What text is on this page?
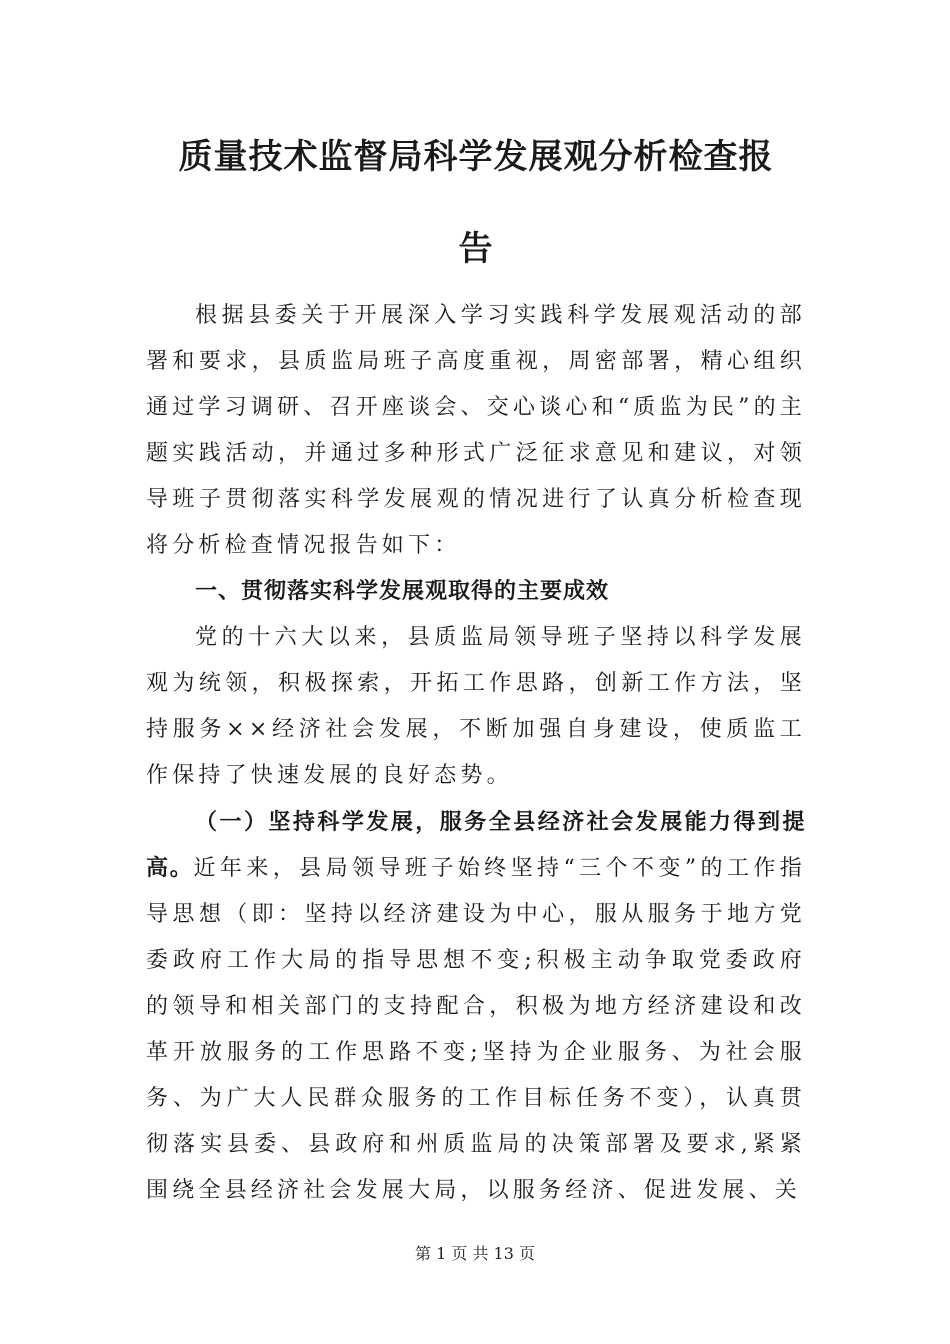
质量技术监督局科学发展观分析检查报
告

根据县委关于开展深入学习实践科学发展观活动的部署和要求，县质监局班子高度重视，周密部署，精心组织通过学习调研、召开座谈会、交心谈心和“质监为民”的主题实践活动，并通过多种形式广泛征求意见和建议，对领导班子贯彻落实科学发展观的情况进行了认真分析检查现将分析检查情况报告如下：

一、贯彻落实科学发展观取得的主要成效

党的十六大以来，县质监局领导班子坚持以科学发展观为统领，积极探索，开拓工作思路，创新工作方法，坚持服务××经济社会发展，不断加强自身建设，使质监工作保持了快速发展的良好态势。

（一）坚持科学发展，服务全县经济社会发展能力得到提高。近年来，县局领导班子始终坚持“三个不变”的工作指导思想（即：坚持以经济建设为中心，服从服务于地方党委政府工作大局的指导思想不变;积极主动争取党委政府的领导和相关部门的支持配合，积极为地方经济建设和改革开放服务的工作思路不变;坚持为企业服务、为社会服务、为广大人民群众服务的工作目标任务不变），认真贯彻落实县委、县政府和州质监局的决策部署及要求,紧紧围绕全县经济社会发展大局，以服务经济、促进发展、关

第 1 页 共 13 页
